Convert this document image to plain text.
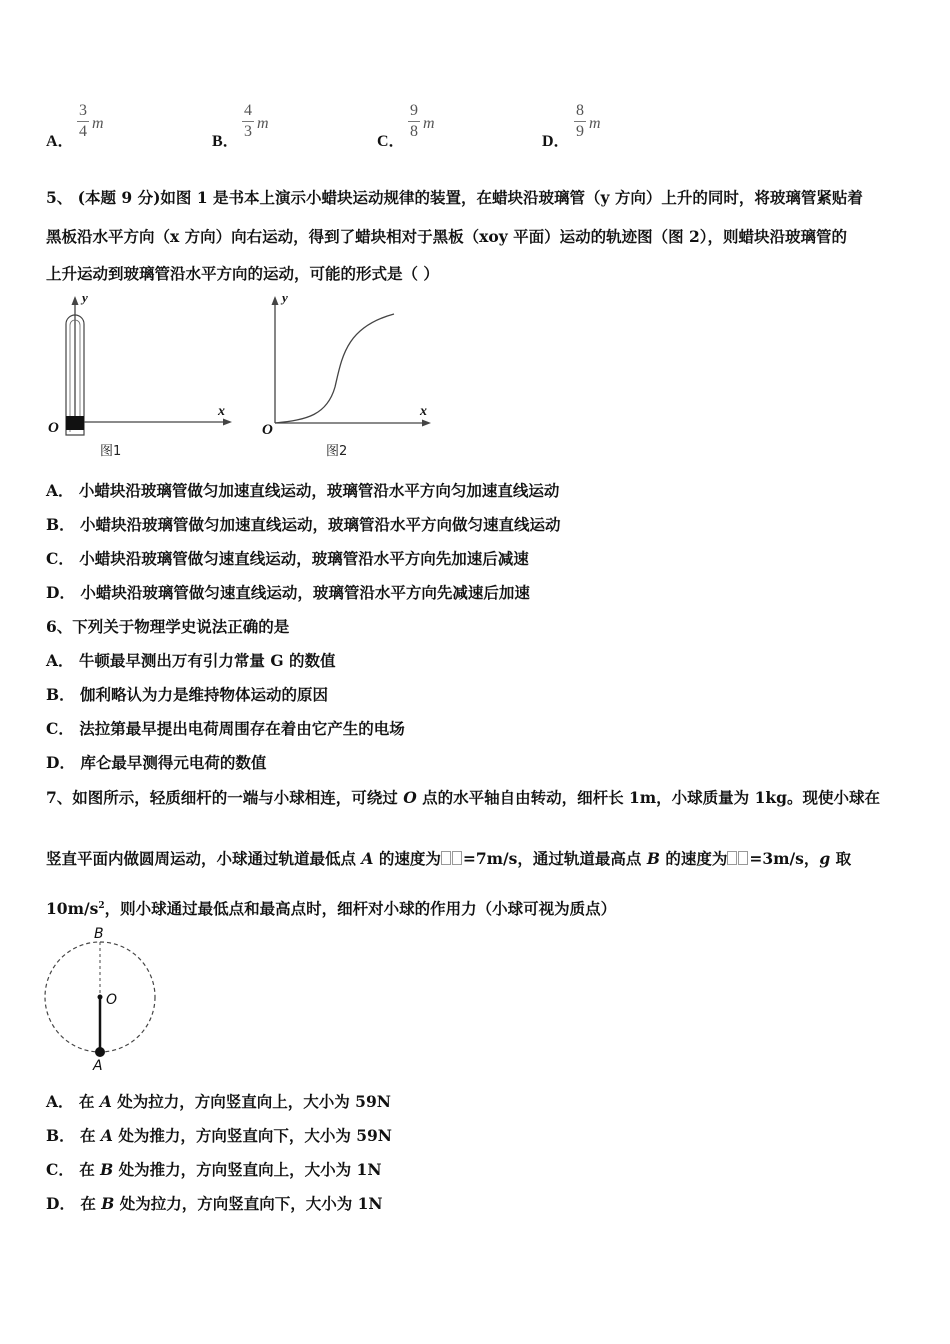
A．
3
4 m
B．
4
3 m
C．
9
8 m
D．
8
9 m
5、 (本题 9 分)如图 1 是书本上演示小蜡块运动规律的装置，在蜡块沿玻璃管（y 方向）上升的同时，将玻璃管紧贴着
黑板沿水平方向（x 方向）向右运动，得到了蜡块相对于黑板（xoy 平面）运动的轨迹图（图 2），则蜡块沿玻璃管的
上升运动到玻璃管沿水平方向的运动，可能的形式是（ ）
O
y
x
图1
O
y
x
图2
A． 小蜡块沿玻璃管做匀加速直线运动，玻璃管沿水平方向匀加速直线运动
B． 小蜡块沿玻璃管做匀加速直线运动，玻璃管沿水平方向做匀速直线运动
C． 小蜡块沿玻璃管做匀速直线运动，玻璃管沿水平方向先加速后减速
D． 小蜡块沿玻璃管做匀速直线运动，玻璃管沿水平方向先减速后加速
6、下列关于物理学史说法正确的是
A． 牛顿最早测出万有引力常量 G 的数值
B． 伽利略认为力是维持物体运动的原因
C． 法拉第最早提出电荷周围存在着由它产生的电场
D． 库仑最早测得元电荷的数值
7、如图所示，轻质细杆的一端与小球相连，可绕过 O 点的水平轴自由转动，细杆长 1m，小球质量为 1kg。现使小球在
竖直平面内做圆周运动，小球通过轨道最低点 A 的速度为 =7m/s，通过轨道最高点 B 的速度为 =3m/s，g 取
$10m/s^2$，则小球通过最低点和最高点时，细杆对小球的作用力（小球可视为质点）
B
O
A
A． 在 A 处为拉力，方向竖直向上，大小为 59N
B． 在 A 处为推力，方向竖直向下，大小为 59N
C． 在 B 处为推力，方向竖直向上，大小为 1N
D． 在 B 处为拉力，方向竖直向下，大小为 1N
